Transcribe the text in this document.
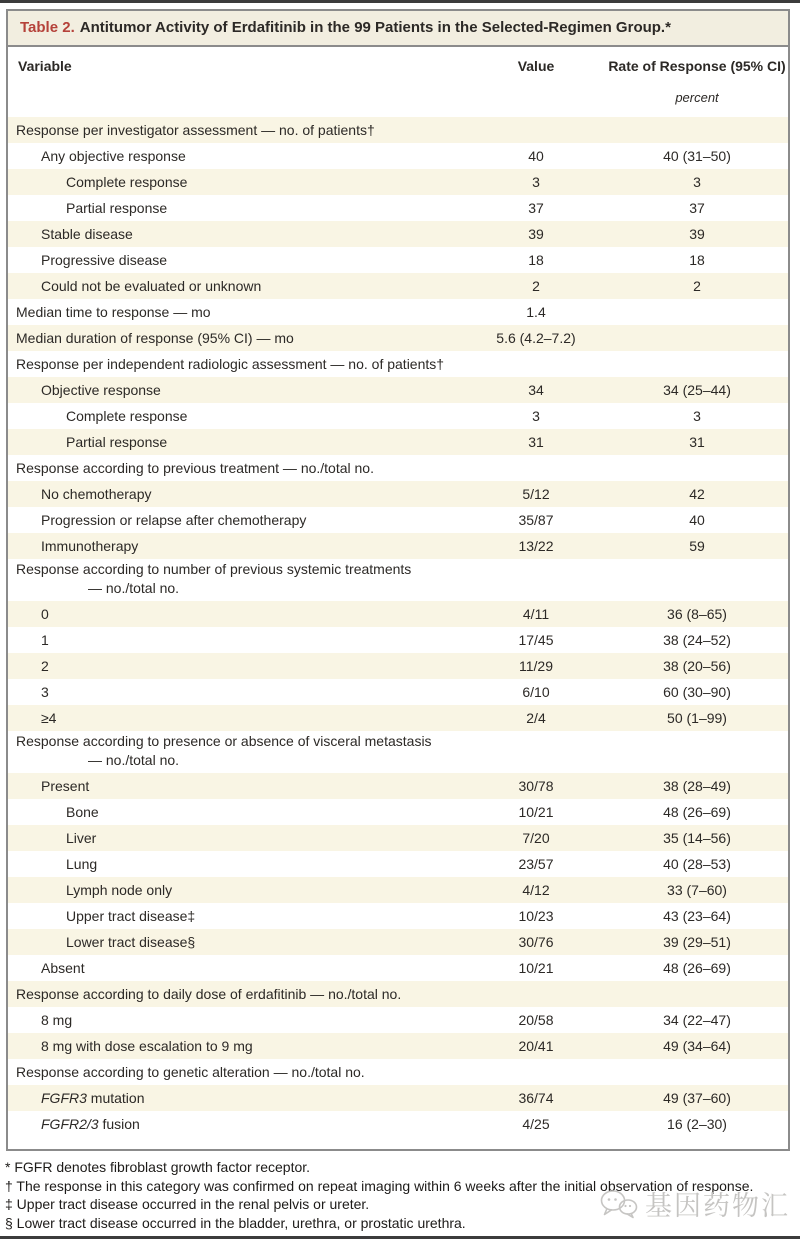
Table 2. Antitumor Activity of Erdafitinib in the 99 Patients in the Selected-Regimen Group.*
Variable	Value	Rate of Response (95% CI)
percent
Response per investigator assessment — no. of patients†
Any objective response	40	40 (31–50)
Complete response	3	3
Partial response	37	37
Stable disease	39	39
Progressive disease	18	18
Could not be evaluated or unknown	2	2
Median time to response — mo	1.4
Median duration of response (95% CI) — mo	5.6 (4.2–7.2)
Response per independent radiologic assessment — no. of patients†
Objective response	34	34 (25–44)
Complete response	3	3
Partial response	31	31
Response according to previous treatment — no./total no.
No chemotherapy	5/12	42
Progression or relapse after chemotherapy	35/87	40
Immunotherapy	13/22	59
Response according to number of previous systemic treatments
— no./total no.
0	4/11	36 (8–65)
1	17/45	38 (24–52)
2	11/29	38 (20–56)
3	6/10	60 (30–90)
≥4	2/4	50 (1–99)
Response according to presence or absence of visceral metastasis
— no./total no.
Present	30/78	38 (28–49)
Bone	10/21	48 (26–69)
Liver	7/20	35 (14–56)
Lung	23/57	40 (28–53)
Lymph node only	4/12	33 (7–60)
Upper tract disease‡	10/23	43 (23–64)
Lower tract disease§	30/76	39 (29–51)
Absent	10/21	48 (26–69)
Response according to daily dose of erdafitinib — no./total no.
8 mg	20/58	34 (22–47)
8 mg with dose escalation to 9 mg	20/41	49 (34–64)
Response according to genetic alteration — no./total no.
FGFR3 mutation	36/74	49 (37–60)
FGFR2/3 fusion	4/25	16 (2–30)
* FGFR denotes fibroblast growth factor receptor.
† The response in this category was confirmed on repeat imaging within 6 weeks after the initial observation of response.
‡ Upper tract disease occurred in the renal pelvis or ureter.
§ Lower tract disease occurred in the bladder, urethra, or prostatic urethra.
基因药物汇
